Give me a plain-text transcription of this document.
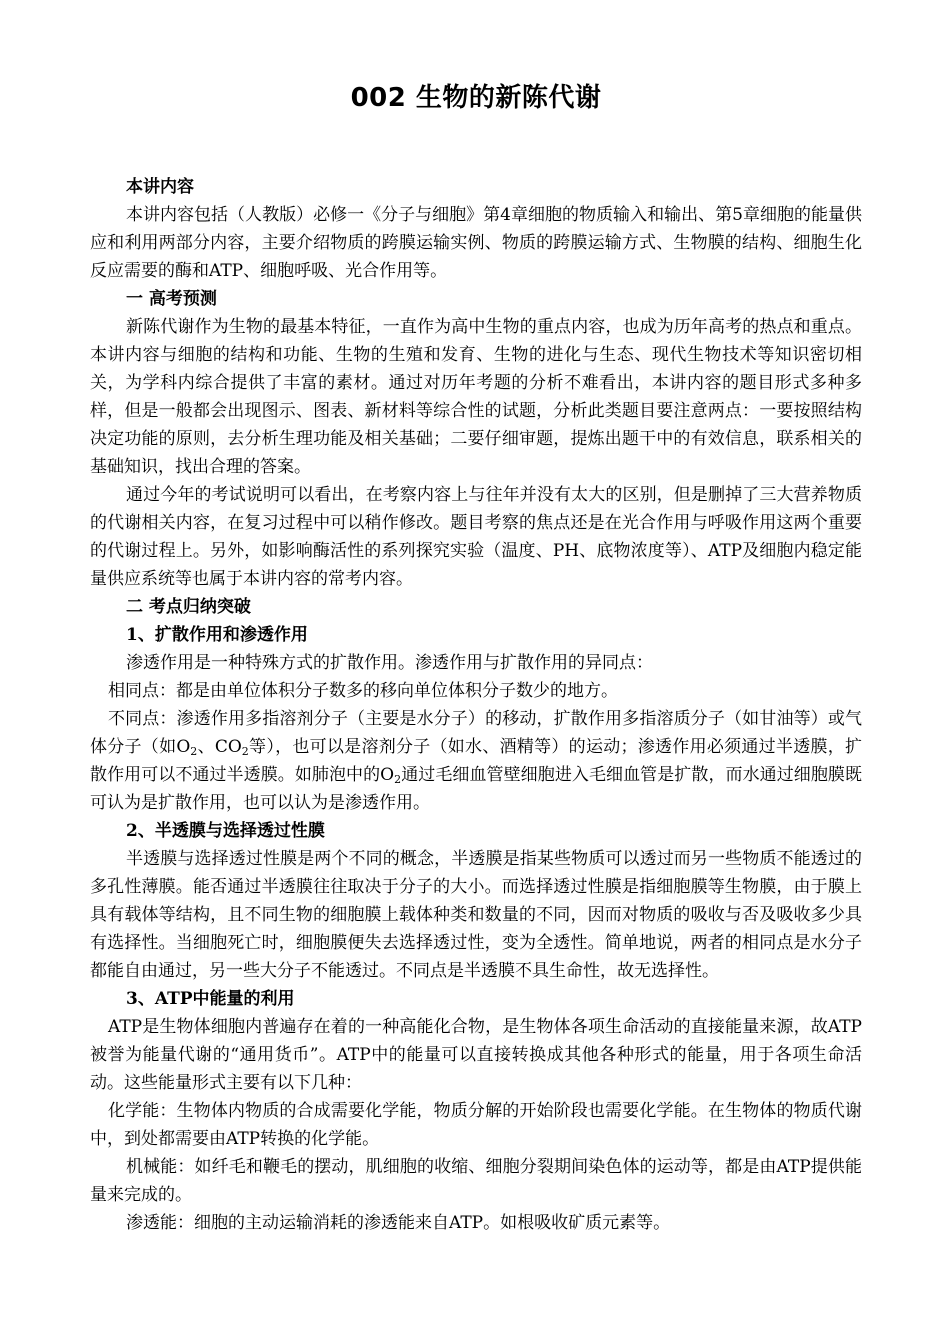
002 生物的新陈代谢

本讲内容

本讲内容包括（人教版）必修一《分子与细胞》第4章细胞的物质输入和输出、第5章细胞的能量供应和利用两部分内容，主要介绍物质的跨膜运输实例、物质的跨膜运输方式、生物膜的结构、细胞生化反应需要的酶和ATP、细胞呼吸、光合作用等。

一 高考预测

新陈代谢作为生物的最基本特征，一直作为高中生物的重点内容，也成为历年高考的热点和重点。本讲内容与细胞的结构和功能、生物的生殖和发育、生物的进化与生态、现代生物技术等知识密切相关，为学科内综合提供了丰富的素材。通过对历年考题的分析不难看出，本讲内容的题目形式多种多样，但是一般都会出现图示、图表、新材料等综合性的试题，分析此类题目要注意两点：一要按照结构决定功能的原则，去分析生理功能及相关基础；二要仔细审题，提炼出题干中的有效信息，联系相关的基础知识，找出合理的答案。

通过今年的考试说明可以看出，在考察内容上与往年并没有太大的区别，但是删掉了三大营养物质的代谢相关内容，在复习过程中可以稍作修改。题目考察的焦点还是在光合作用与呼吸作用这两个重要的代谢过程上。另外，如影响酶活性的系列探究实验（温度、PH、底物浓度等）、ATP及细胞内稳定能量供应系统等也属于本讲内容的常考内容。

二 考点归纳突破

1、扩散作用和渗透作用

渗透作用是一种特殊方式的扩散作用。渗透作用与扩散作用的异同点：

相同点：都是由单位体积分子数多的移向单位体积分子数少的地方。

不同点：渗透作用多指溶剂分子（主要是水分子）的移动，扩散作用多指溶质分子（如甘油等）或气体分子（如$O_2$、$CO_2$等），也可以是溶剂分子（如水、酒精等）的运动；渗透作用必须通过半透膜，扩散作用可以不通过半透膜。如肺泡中的$O_2$通过毛细血管壁细胞进入毛细血管是扩散，而水通过细胞膜既可认为是扩散作用，也可以认为是渗透作用。

2、半透膜与选择透过性膜

半透膜与选择透过性膜是两个不同的概念，半透膜是指某些物质可以透过而另一些物质不能透过的多孔性薄膜。能否通过半透膜往往取决于分子的大小。而选择透过性膜是指细胞膜等生物膜，由于膜上具有载体等结构，且不同生物的细胞膜上载体种类和数量的不同，因而对物质的吸收与否及吸收多少具有选择性。当细胞死亡时，细胞膜便失去选择透过性，变为全透性。简单地说，两者的相同点是水分子都能自由通过，另一些大分子不能透过。不同点是半透膜不具生命性，故无选择性。

3、ATP中能量的利用

ATP是生物体细胞内普遍存在着的一种高能化合物，是生物体各项生命活动的直接能量来源，故ATP被誉为能量代谢的“通用货币”。ATP中的能量可以直接转换成其他各种形式的能量，用于各项生命活动。这些能量形式主要有以下几种：

化学能：生物体内物质的合成需要化学能，物质分解的开始阶段也需要化学能。在生物体的物质代谢中，到处都需要由ATP转换的化学能。

机械能：如纤毛和鞭毛的摆动，肌细胞的收缩、细胞分裂期间染色体的运动等，都是由ATP提供能量来完成的。

渗透能：细胞的主动运输消耗的渗透能来自ATP。如根吸收矿质元素等。
